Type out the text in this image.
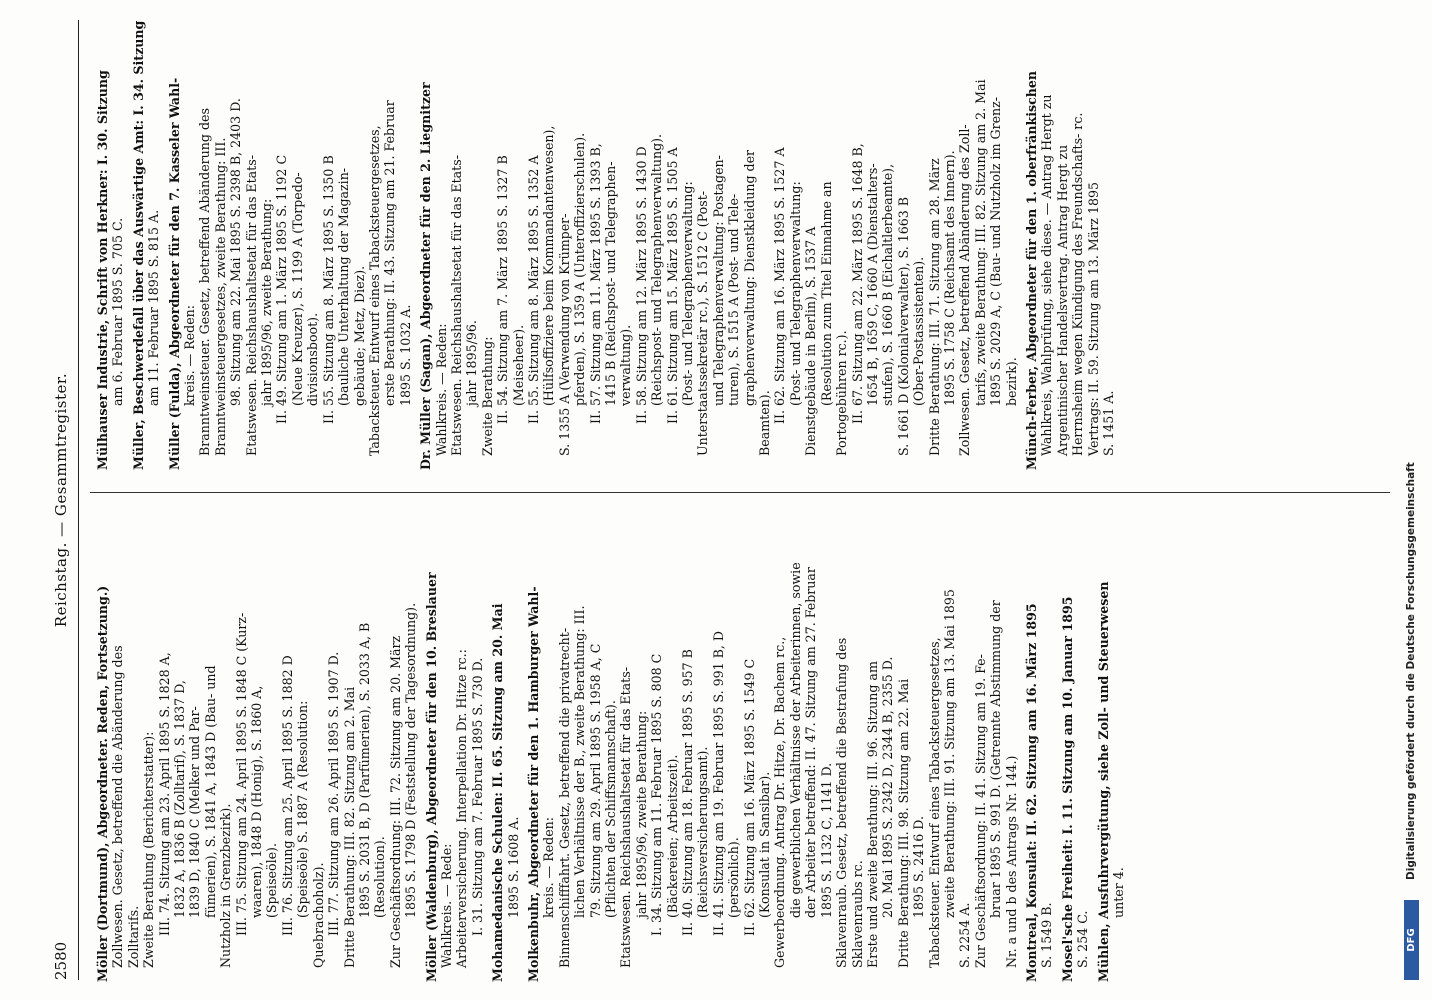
2580
Reichstag. — Gesammtregister.
Möller (Dortmund), Abgeordneter. Reden, Fortsetzung.) Zollwesen. Gesetz, betreffend die Abänderung des Zolltarifs. Zweite Berathung (Berichterstatter): III. 74. Sitzung am 23. April 1895 S. 1828 A, 1832 A, 1836 B (Zolltarif), S. 1837 D, 1839 D, 1840 C (Melker und Par- fümerien), S. 1841 A, 1843 D (Bau- und Nutzholz in Grenzbezirk). III. 75. Sitzung am 24. April 1895 S. 1848 C (Kurz- waaren), 1848 D (Honig), S. 1860 A, (Speiseöle). III. 76. Sitzung am 25. April 1895 S. 1882 D (Speiseöle) S. 1887 A (Resolution: Quebrachoholz). III. 77. Sitzung am 26. April 1895 S. 1907 D. Dritte Berathung: III. 82. Sitzung am 2. Mai 1895 S. 2031 B, D (Parfümerien), S. 2033 A, B (Resolution). Zur Geschäftsordnung: III. 72. Sitzung am 20. März 1895 S. 1798 D (Feststellung der Tagesordnung). Möller (Waldenburg), Abgeordneter für den 10. Breslauer Wahlkreis. — Rede: Arbeiterversicherung. Interpellation Dr. Hitze rc.: I. 31. Sitzung am 7. Februar 1895 S. 730 D. Mohamedanische Schulen: II. 65. Sitzung am 20. Mai 1895 S. 1608 A. Molkenbuhr, Abgeordneter für den 1. Hamburger Wahl- kreis. — Reden: Binnenschifffahrt. Gesetz, betreffend die privatrecht- lichen Verhältnisse der B., zweite Berathung: III. 79. Sitzung am 29. April 1895 S. 1958 A, C (Pflichten der Schiffsmannschaft). Etatswesen. Reichshaushaltsetat für das Etats- jahr 1895/96, zweite Berathung: I. 34. Sitzung am 11. Februar 1895 S. 808 C (Bäckereien; Arbeitszeit). II. 40. Sitzung am 18. Februar 1895 S. 957 B (Reichsversicherungsamt). II. 41. Sitzung am 19. Februar 1895 S. 991 B, D (persönlich). II. 62. Sitzung am 16. März 1895 S. 1549 C (Konsulat in Sansibar). Gewerbeordnung. Antrag Dr. Hitze, Dr. Bachem rc., die gewerblichen Verhältnisse der Arbeiterinnen, sowie der Arbeiter betreffend: II. 47. Sitzung am 27. Februar 1895 S. 1132 C, 1141 D. Sklavenraub. Gesetz, betreffend die Bestrafung des Sklavenraubs rc. Erste und zweite Berathung: III. 96. Sitzung am 20. Mai 1895 S. 2342 D, 2344 B, 2355 D. Dritte Berathung: III. 98. Sitzung am 22. Mai 1895 S. 2416 D. Tabacksteuer. Entwurf eines Tabacksteuergesetzes, zweite Berathung: III. 91. Sitzung am 13. Mai 1895
S. 2254 A. Zur Geschäftsordnung: II. 41. Sitzung am 19. Fe- bruar 1895 S. 991 D. (Getrennte Abstimmung der Nr. a und b des Antrags Nr. 144.) Montreal, Konsulat: II. 62. Sitzung am 16. März 1895 S. 1549 B. Mosel'sche Freiheit: I. 11. Sitzung am 10. Januar 1895 S. 254 C. Mühlen, Ausfuhrvergütung, siehe Zoll- und Steuerwesen unter 4.
Mülhauser Industrie, Schrift von Herkner: I. 30. Sitzung am 6. Februar 1895 S. 705 C. Müller, Beschwerdefall über das Auswärtige Amt: I. 34. Sitzung am 11. Februar 1895 S. 815 A. Müller (Fulda), Abgeordneter für den 7. Kasseler Wahl- kreis. — Reden: Branntweinsteuer. Gesetz, betreffend Abänderung des Branntweinsteuergesetzes, zweite Berathung: III. 98. Sitzung am 22. Mai 1895 S. 2398 B, 2403 D. Etatswesen. Reichshaushaltsetat für das Etats- jahr 1895/96, zweite Berathung: II. 49. Sitzung am 1. März 1895 S. 1192 C (Neue Kreuzer), S. 1199 A (Torpedo- divisionsboot). II. 55. Sitzung am 8. März 1895 S. 1350 B (bauliche Unterhaltung der Magazin- gebäude; Metz, Diez). Tabacksteuer. Entwurf eines Tabacksteuergesetzes, erste Berathung: II. 43. Sitzung am 21. Februar 1895 S. 1032 A. Dr. Müller (Sagan), Abgeordneter für den 2. Liegnitzer Wahlkreis. — Reden: Etatswesen. Reichshaushaltsetat für das Etats- jahr 1895/96. Zweite Berathung: II. 54. Sitzung am 7. März 1895 S. 1327 B (Meiseheer). II. 55. Sitzung am 8. März 1895 S. 1352 A (Hülfsoffiziere beim Kommandantenwesen), S. 1355 A (Verwendung von Krümper- pferden), S. 1359 A (Unteroffizierschulen). II. 57. Sitzung am 11. März 1895 S. 1393 B, 1415 B (Reichspost- und Telegraphen- verwaltung). II. 58. Sitzung am 12. März 1895 S. 1430 D (Reichspost- und Telegraphenverwaltung). II. 61. Sitzung am 15. März 1895 S. 1505 A (Post- und Telegraphenverwaltung: Unterstaatssekretär rc.), S. 1512 C (Post- und Telegraphenverwaltung: Postagen- turen), S. 1515 A (Post- und Tele- graphenverwaltung: Dienstkleidung der
Beamten). II. 62. Sitzung am 16. März 1895 S. 1527 A (Post- und Telegraphenverwaltung: Dienstgebäude in Berlin), S. 1537 A (Resolution zum Titel Einnahme an Portogebühren rc.). II. 67. Sitzung am 22. März 1895 S. 1648 B, 1654 B, 1659 C, 1660 A (Dienstalters- stufen), S. 1660 B (Eichaltlerbeamte), S. 1661 D (Kolonialverwalter), S. 1663 B (Ober-Postassistenten). Dritte Berathung: III. 71. Sitzung am 28. März 1895 S. 1758 C (Reichsamt des Innern). Zollwesen. Gesetz, betreffend Abänderung des Zoll- tarifs, zweite Berathung: III. 82. Sitzung am 2. Mai 1895 S. 2029 A, C (Bau- und Nutzholz im Grenz- bezirk). Münch-Ferber, Abgeordneter für den 1. oberfränkischen Wahlkreis, Wahlprüfung, siehe diese. — Antrag Hergt zu Argentinischer Handelsvertrag. Antrag Hergt zu Herrnsheim wegen Kündigung des Freundschafts- rc. Vertrags: II. 59. Sitzung am 13. März 1895 S. 1451 A.
DFG
Digitalisierung gefördert durch die Deutsche Forschungsgemeinschaft
